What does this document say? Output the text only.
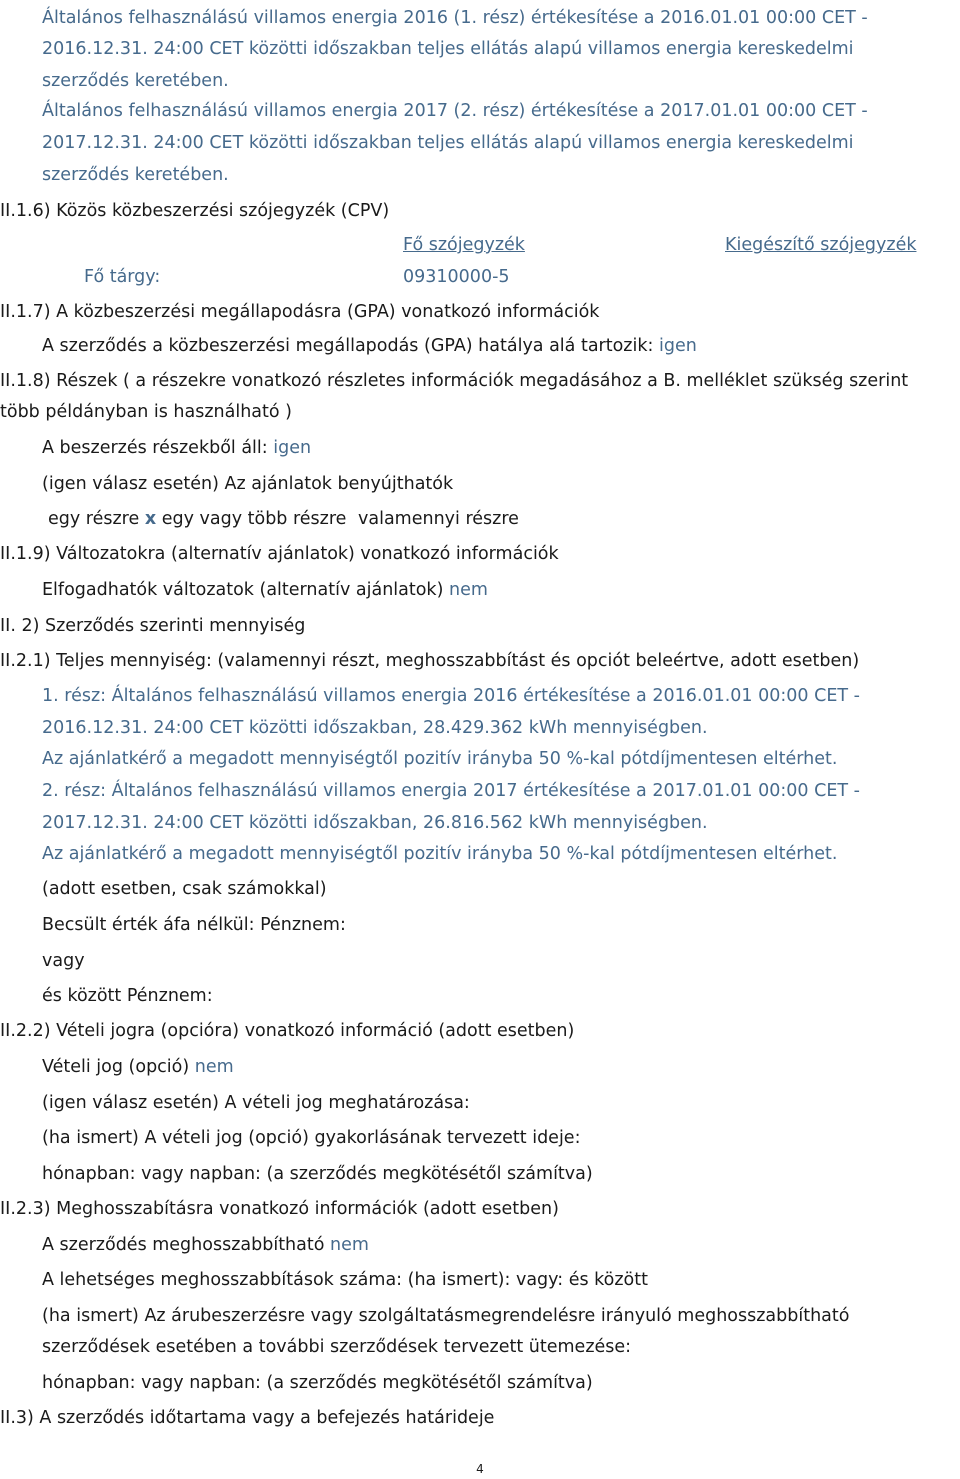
Általános felhasználású villamos energia 2016 (1. rész) értékesítése a 2016.01.01 00:00 CET -
2016.12.31. 24:00 CET közötti időszakban teljes ellátás alapú villamos energia kereskedelmi
szerződés keretében.
Általános felhasználású villamos energia 2017 (2. rész) értékesítése a 2017.01.01 00:00 CET -
2017.12.31. 24:00 CET közötti időszakban teljes ellátás alapú villamos energia kereskedelmi
szerződés keretében.
II.1.6) Közös közbeszerzési szójegyzék (CPV)
Fő szójegyzék	Kiegészítő szójegyzék
Fő tárgy:	09310000-5
II.1.7) A közbeszerzési megállapodásra (GPA) vonatkozó információk
A szerződés a közbeszerzési megállapodás (GPA) hatálya alá tartozik: igen
II.1.8) Részek ( a részekre vonatkozó részletes információk megadásához a B. melléklet szükség szerint
több példányban is használható )
A beszerzés részekből áll: igen
(igen válasz esetén) Az ajánlatok benyújthatók
egy részre x egy vagy több részre valamennyi részre
II.1.9) Változatokra (alternatív ajánlatok) vonatkozó információk
Elfogadhatók változatok (alternatív ajánlatok) nem
II. 2) Szerződés szerinti mennyiség
II.2.1) Teljes mennyiség: (valamennyi részt, meghosszabbítást és opciót beleértve, adott esetben)
1. rész: Általános felhasználású villamos energia 2016 értékesítése a 2016.01.01 00:00 CET -
2016.12.31. 24:00 CET közötti időszakban, 28.429.362 kWh mennyiségben.
Az ajánlatkérő a megadott mennyiségtől pozitív irányba 50 %-kal pótdíjmentesen eltérhet.
2. rész: Általános felhasználású villamos energia 2017 értékesítése a 2017.01.01 00:00 CET -
2017.12.31. 24:00 CET közötti időszakban, 26.816.562 kWh mennyiségben.
Az ajánlatkérő a megadott mennyiségtől pozitív irányba 50 %-kal pótdíjmentesen eltérhet.
(adott esetben, csak számokkal)
Becsült érték áfa nélkül: Pénznem:
vagy
és között Pénznem:
II.2.2) Vételi jogra (opcióra) vonatkozó információ (adott esetben)
Vételi jog (opció) nem
(igen válasz esetén) A vételi jog meghatározása:
(ha ismert) A vételi jog (opció) gyakorlásának tervezett ideje:
hónapban: vagy napban: (a szerződés megkötésétől számítva)
II.2.3) Meghosszabításra vonatkozó információk (adott esetben)
A szerződés meghosszabbítható nem
A lehetséges meghosszabbítások száma: (ha ismert): vagy: és között
(ha ismert) Az árubeszerzésre vagy szolgáltatásmegrendelésre irányuló meghosszabbítható
szerződések esetében a további szerződések tervezett ütemezése:
hónapban: vagy napban: (a szerződés megkötésétől számítva)
II.3) A szerződés időtartama vagy a befejezés határideje
4
